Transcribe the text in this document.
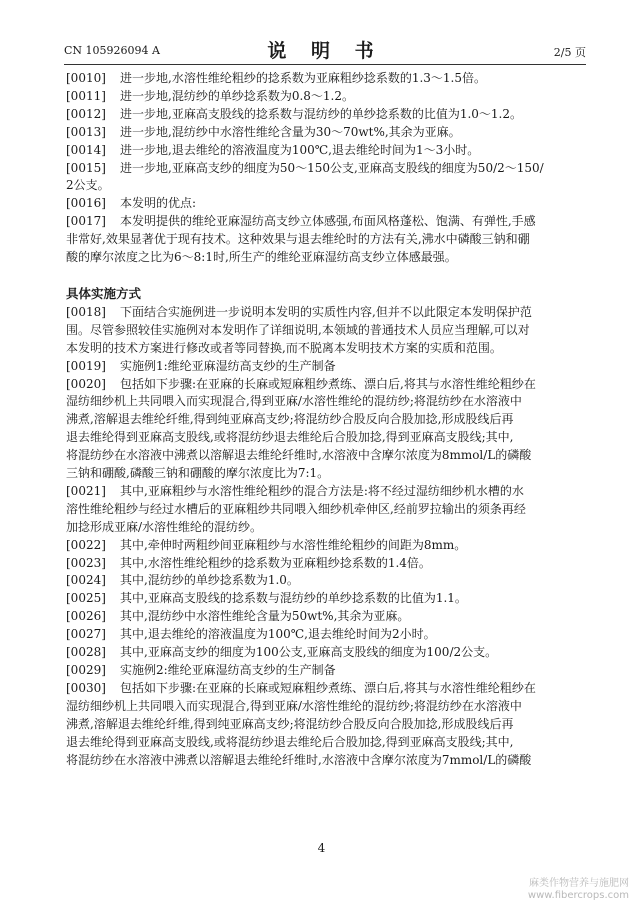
CN 105926094 A	说 明 书	2/5 页
[0010] 进一步地,水溶性维纶粗纱的捻系数为亚麻粗纱捻系数的1.3～1.5倍。
[0011] 进一步地,混纺纱的单纱捻系数为0.8～1.2。
[0012] 进一步地,亚麻高支股线的捻系数与混纺纱的单纱捻系数的比值为1.0～1.2。
[0013] 进一步地,混纺纱中水溶性维纶含量为30～70wt%,其余为亚麻。
[0014] 进一步地,退去维纶的溶液温度为100℃,退去维纶时间为1～3小时。
[0015] 进一步地,亚麻高支纱的细度为50～150公支,亚麻高支股线的细度为50/2～150/
2公支。
[0016] 本发明的优点:
[0017] 本发明提供的维纶亚麻湿纺高支纱立体感强,布面风格蓬松、饱满、有弹性,手感
非常好,效果显著优于现有技术。这种效果与退去维纶时的方法有关,沸水中磷酸三钠和硼
酸的摩尔浓度之比为6～8:1时,所生产的维纶亚麻湿纺高支纱立体感最强。
具体实施方式
[0018] 下面结合实施例进一步说明本发明的实质性内容,但并不以此限定本发明保护范
围。尽管参照较佳实施例对本发明作了详细说明,本领域的普通技术人员应当理解,可以对
本发明的技术方案进行修改或者等同替换,而不脱离本发明技术方案的实质和范围。
[0019] 实施例1:维纶亚麻湿纺高支纱的生产制备
[0020] 包括如下步骤:在亚麻的长麻或短麻粗纱煮练、漂白后,将其与水溶性维纶粗纱在
湿纺细纱机上共同喂入而实现混合,得到亚麻/水溶性维纶的混纺纱;将混纺纱在水溶液中
沸煮,溶解退去维纶纤维,得到纯亚麻高支纱;将混纺纱合股反向合股加捻,形成股线后再
退去维纶得到亚麻高支股线,或将混纺纱退去维纶后合股加捻,得到亚麻高支股线;其中,
将混纺纱在水溶液中沸煮以溶解退去维纶纤维时,水溶液中含摩尔浓度为8mmol/L的磷酸
三钠和硼酸,磷酸三钠和硼酸的摩尔浓度比为7:1。
[0021] 其中,亚麻粗纱与水溶性维纶粗纱的混合方法是:将不经过湿纺细纱机水槽的水
溶性维纶粗纱与经过水槽后的亚麻粗纱共同喂入细纱机牵伸区,经前罗拉输出的须条再经
加捻形成亚麻/水溶性维纶的混纺纱。
[0022] 其中,牵伸时两粗纱间亚麻粗纱与水溶性维纶粗纱的间距为8mm。
[0023] 其中,水溶性维纶粗纱的捻系数为亚麻粗纱捻系数的1.4倍。
[0024] 其中,混纺纱的单纱捻系数为1.0。
[0025] 其中,亚麻高支股线的捻系数与混纺纱的单纱捻系数的比值为1.1。
[0026] 其中,混纺纱中水溶性维纶含量为50wt%,其余为亚麻。
[0027] 其中,退去维纶的溶液温度为100℃,退去维纶时间为2小时。
[0028] 其中,亚麻高支纱的细度为100公支,亚麻高支股线的细度为100/2公支。
[0029] 实施例2:维纶亚麻湿纺高支纱的生产制备
[0030] 包括如下步骤:在亚麻的长麻或短麻粗纱煮练、漂白后,将其与水溶性维纶粗纱在
湿纺细纱机上共同喂入而实现混合,得到亚麻/水溶性维纶的混纺纱;将混纺纱在水溶液中
沸煮,溶解退去维纶纤维,得到纯亚麻高支纱;将混纺纱合股反向合股加捻,形成股线后再
退去维纶得到亚麻高支股线,或将混纺纱退去维纶后合股加捻,得到亚麻高支股线;其中,
将混纺纱在水溶液中沸煮以溶解退去维纶纤维时,水溶液中含摩尔浓度为7mmol/L的磷酸
4
麻类作物营养与施肥网
www.fibercrops.com
